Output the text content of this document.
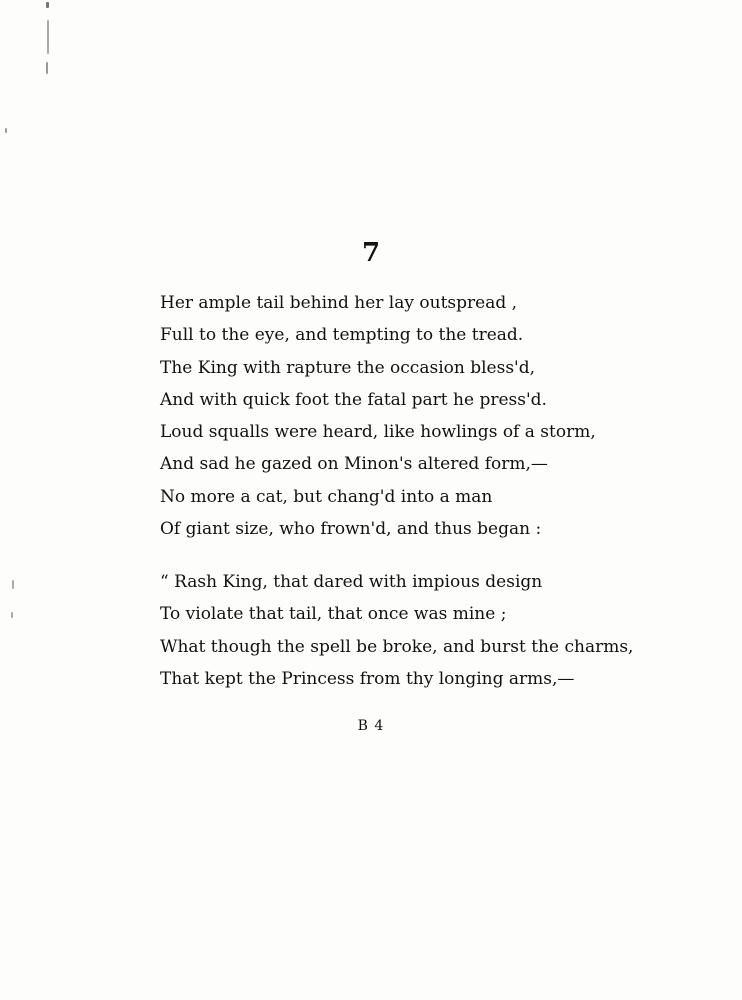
7
Her ample tail behind her lay outspread ,
Full to the eye, and tempting to the tread.
The King with rapture the occasion bless'd,
And with quick foot the fatal part he press'd.
Loud squalls were heard, like howlings of a storm,
And sad he gazed on Minon's altered form,—
No more a cat, but chang'd into a man
Of giant size, who frown'd, and thus began :
“ Rash King, that dared with impious design
To violate that tail, that once was mine ;
What though the spell be broke, and burst the charms,
That kept the Princess from thy longing arms,—
B 4
